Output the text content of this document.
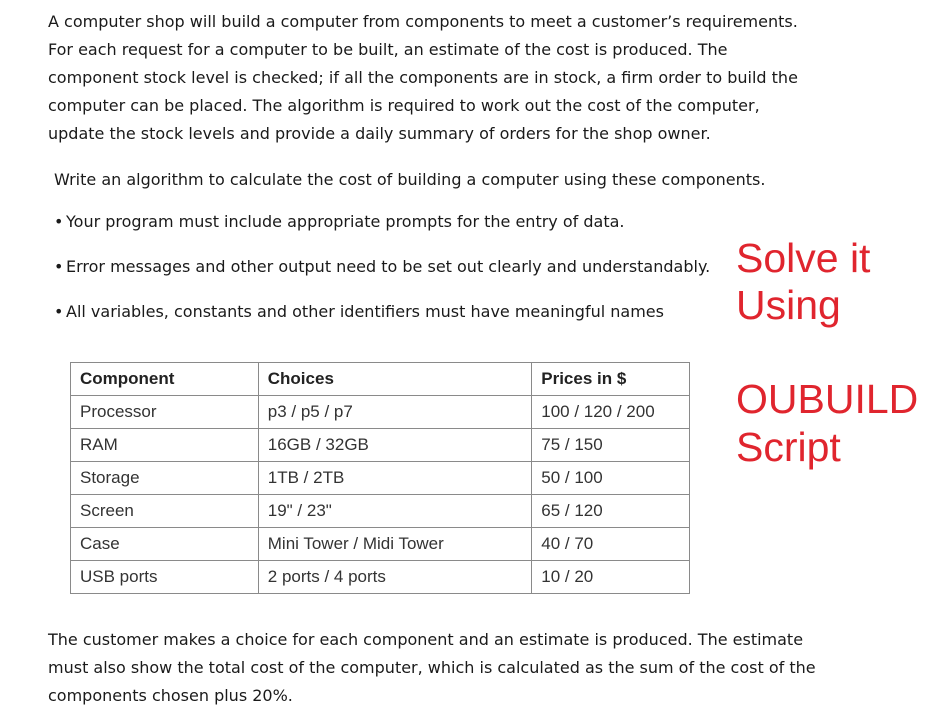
A computer shop will build a computer from components to meet a customer’s requirements.

For each request for a computer to be built, an estimate of the cost is produced. The

component stock level is checked; if all the components are in stock, a firm order to build the

computer can be placed. The algorithm is required to work out the cost of the computer,

update the stock levels and provide a daily summary of orders for the shop owner.

Write an algorithm to calculate the cost of building a computer using these components.

• Your program must include appropriate prompts for the entry of data.
• Error messages and other output need to be set out clearly and understandably.
• All variables, constants and other identifiers must have meaningful names
Solve it
Using
OUBUILD
Script
Component	Choices	Prices in $
Processor	p3 / p5 / p7	100 / 120 / 200
RAM	16GB / 32GB	75 / 150
Storage	1TB / 2TB	50 / 100
Screen	19" / 23"	65 / 120
Case	Mini Tower / Midi Tower	40 / 70
USB ports	2 ports / 4 ports	10 / 20

The customer makes a choice for each component and an estimate is produced. The estimate

must also show the total cost of the computer, which is calculated as the sum of the cost of the

components chosen plus 20%.
